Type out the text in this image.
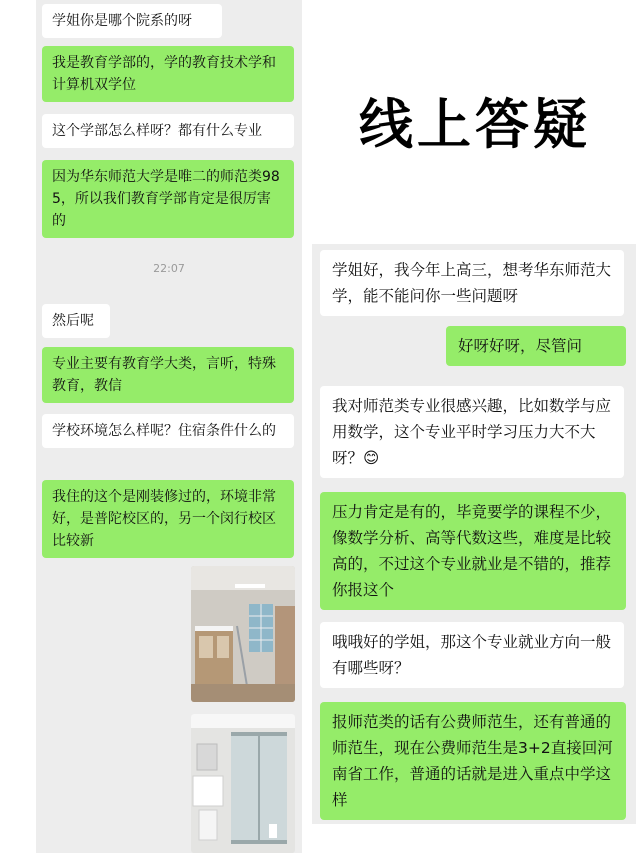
学姐你是哪个院系的呀
我是教育学部的，学的教育技术学和计算机双学位
这个学部怎么样呀？都有什么专业
因为华东师范大学是唯二的师范类985，所以我们教育学部肯定是很厉害的
22:07
然后呢
专业主要有教育学大类，言听，特殊教育，教信
学校环境怎么样呢？住宿条件什么的
我住的这个是刚装修过的，环境非常好，是普陀校区的，另一个闵行校区比较新
线上答疑
学姐好，我今年上高三，想考华东师范大学，能不能问你一些问题呀
好呀好呀，尽管问
我对师范类专业很感兴趣，比如数学与应用数学，这个专业平时学习压力大不大呀？😊
压力肯定是有的，毕竟要学的课程不少，像数学分析、高等代数这些，难度是比较高的，不过这个专业就业是不错的，推荐你报这个
哦哦好的学姐，那这个专业就业方向一般有哪些呀？
报师范类的话有公费师范生，还有普通的师范生，现在公费师范生是3+2直接回河南省工作，普通的话就是进入重点中学这样
